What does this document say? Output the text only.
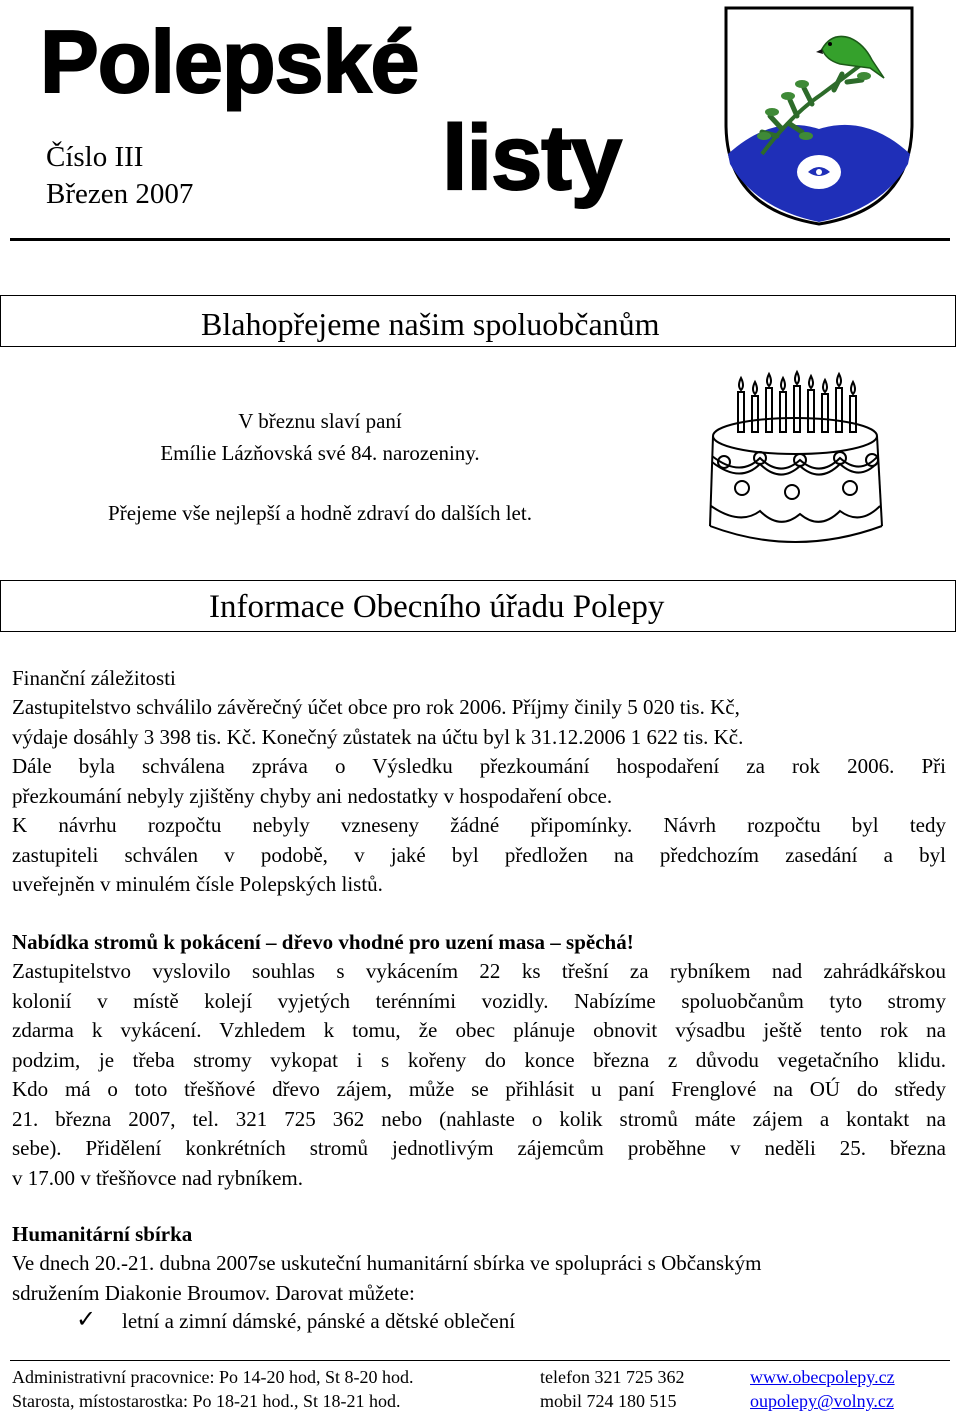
Polepské
listy
Číslo III
Březen 2007
Blahopřejeme našim spoluobčanům
V březnu slaví paní
Emílie Lázňovská své 84. narozeniny.
Přejeme vše nejlepší a hodně zdraví do dalších let.
Informace Obecního úřadu Polepy
Finanční záležitosti
Zastupitelstvo schválilo závěrečný účet obce pro rok 2006. Příjmy činily 5 020 tis. Kč,
výdaje dosáhly 3 398 tis. Kč. Konečný zůstatek na účtu byl k 31.12.2006 1 622 tis. Kč.
Dále byla schválena zpráva o Výsledku přezkoumání hospodaření za rok 2006. Při
přezkoumání nebyly zjištěny chyby ani nedostatky v hospodaření obce.
K návrhu rozpočtu nebyly vzneseny žádné připomínky. Návrh rozpočtu byl tedy
zastupiteli schválen v podobě, v jaké byl předložen na předchozím zasedání a byl
uveřejněn v minulém čísle Polepských listů.
Nabídka stromů k pokácení – dřevo vhodné pro uzení masa – spěchá!
Zastupitelstvo vyslovilo souhlas s vykácením 22 ks třešní za rybníkem nad zahrádkářskou
kolonií v místě kolejí vyjetých terénními vozidly. Nabízíme spoluobčanům tyto stromy
zdarma k vykácení. Vzhledem k tomu, že obec plánuje obnovit výsadbu ještě tento rok na
podzim, je třeba stromy vykopat i s kořeny do konce března z důvodu vegetačního klidu.
Kdo má o toto třešňové dřevo zájem, může se přihlásit u paní Frenglové na OÚ do středy
21. března 2007, tel. 321 725 362 nebo (nahlaste o kolik stromů máte zájem a kontakt na
sebe). Přidělení konkrétních stromů jednotlivým zájemcům proběhne v neděli 25. března
v 17.00 v třešňovce nad rybníkem.
Humanitární sbírka
Ve dnech 20.-21. dubna 2007se uskuteční humanitární sbírka ve spolupráci s Občanským
sdružením Diakonie Broumov. Darovat můžete:
✓ letní a zimní dámské, pánské a dětské oblečení
Administrativní pracovnice: Po 14-20 hod, St 8-20 hod.	telefon 321 725 362	www.obecpolepy.cz
Starosta, místostarostka: Po 18-21 hod., St 18-21 hod.	mobil 724 180 515	oupolepy@volny.cz
